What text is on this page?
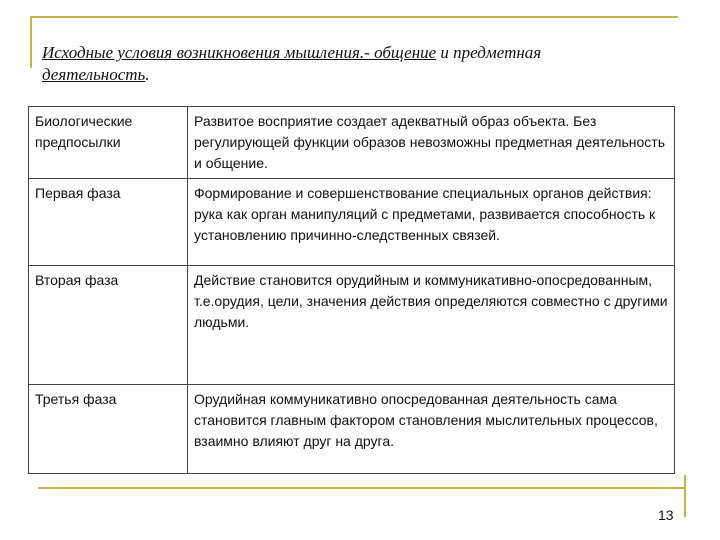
Исходные условия возникновения мышления.- общение и предметная
деятельность.
Биологические предпосылки	Развитое восприятие создает адекватный образ объекта. Без регулирующей функции образов невозможны предметная деятельность и общение.
Первая фаза	Формирование и совершенствование специальных органов действия: рука как орган манипуляций с предметами, развивается способность к установлению причинно-следственных связей.
Вторая фаза	Действие становится орудийным и коммуникативно-опосредованным, т.е.орудия, цели, значения действия определяются совместно с другими людьми.
Третья фаза	Орудийная коммуникативно опосредованная деятельность сама становится главным фактором становления мыслительных процессов, взаимно влияют друг на друга.
13
